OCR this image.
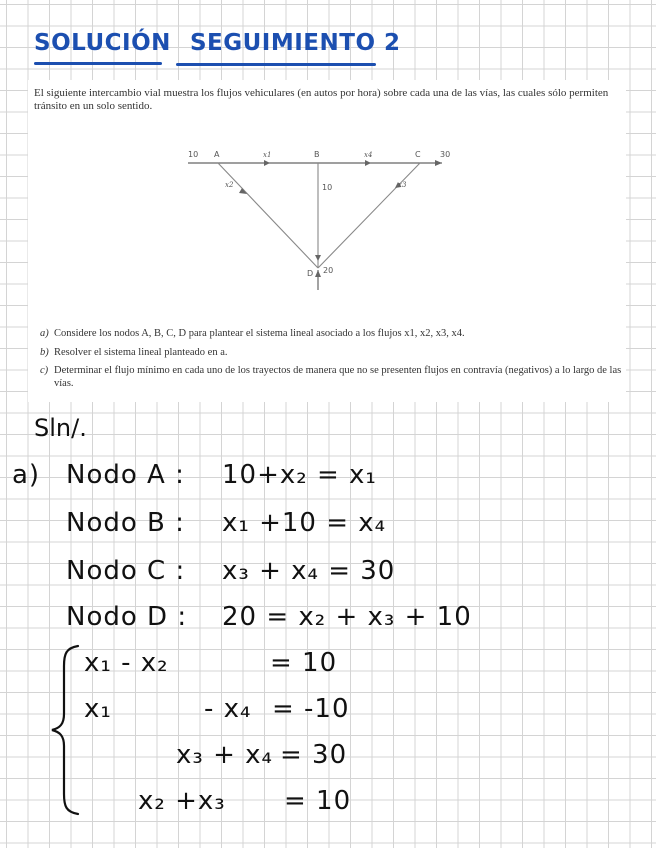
SOLUCIÓN SEGUIMIENTO 2
El siguiente intercambio vial muestra los flujos vehiculares (en autos por hora) sobre cada una de las vías, las cuales sólo permiten tránsito en un solo sentido.
10 A	B	C 30
10
D 20
x1	x4
x2	x3
a) Considere los nodos A, B, C, D para plantear el sistema lineal asociado a los flujos x1, x2, x3, x4.
b) Resolver el sistema lineal planteado en a.
c) Determinar el flujo mínimo en cada uno de los trayectos de manera que no se presenten flujos en contravía (negativos) a lo largo de las vías.
Sln/.
a) Nodo A : 10+x₂ = x₁
Nodo B : x₁ +10 = x₄
Nodo C : x₃ + x₄ = 30
Nodo D : 20 = x₂ + x₃ + 10
x₁ - x₂	= 10
x₁	- x₄ = -10
x₃ + x₄ = 30
x₂ +x₃ = 10
